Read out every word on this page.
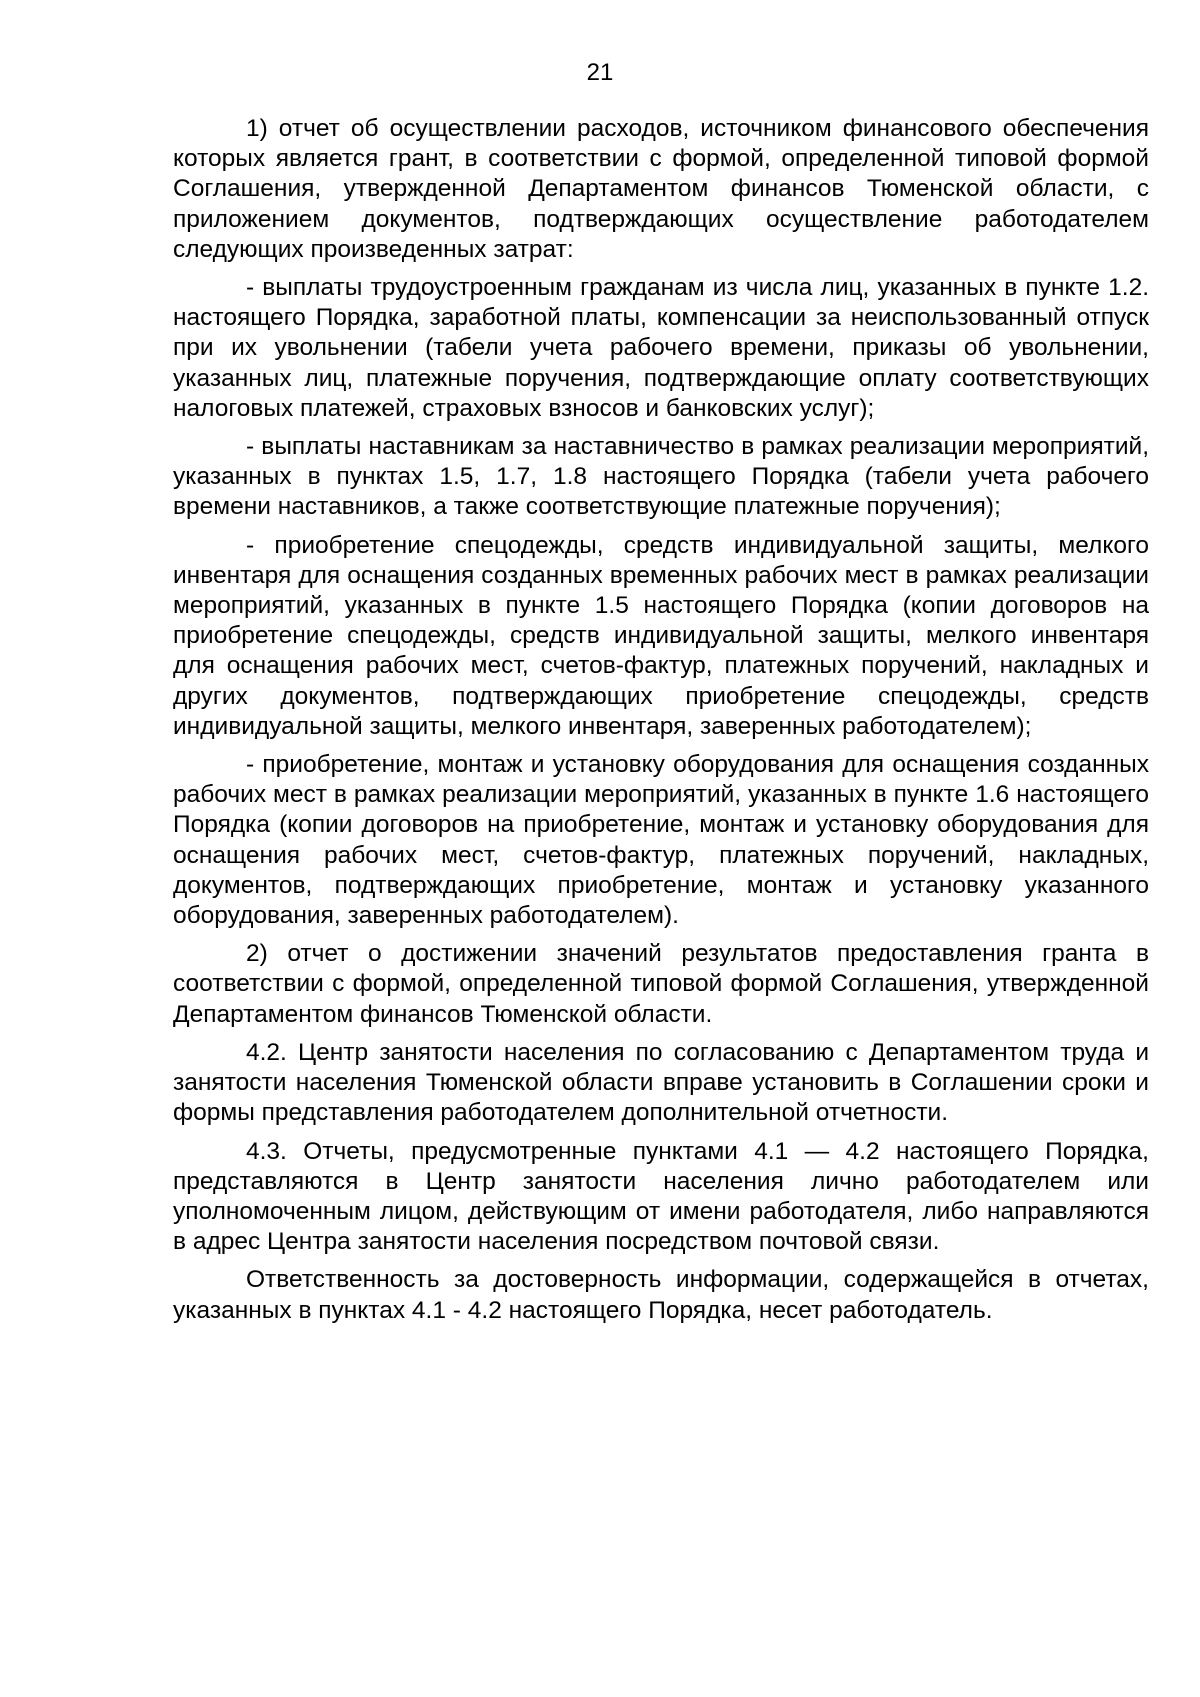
21

1) отчет об осуществлении расходов, источником финансового обеспечения которых является грант, в соответствии с формой, определенной типовой формой Соглашения, утвержденной Департаментом финансов Тюменской области, с приложением документов, подтверждающих осуществление работодателем следующих произведенных затрат:

- выплаты трудоустроенным гражданам из числа лиц, указанных в пункте 1.2. настоящего Порядка, заработной платы, компенсации за неиспользованный отпуск при их увольнении (табели учета рабочего времени, приказы об увольнении, указанных лиц, платежные поручения, подтверждающие оплату соответствующих налоговых платежей, страховых взносов и банковских услуг);

- выплаты наставникам за наставничество в рамках реализации мероприятий, указанных в пунктах 1.5, 1.7, 1.8 настоящего Порядка (табели учета рабочего времени наставников, а также соответствующие платежные поручения);

- приобретение спецодежды, средств индивидуальной защиты, мелкого инвентаря для оснащения созданных временных рабочих мест в рамках реализации мероприятий, указанных в пункте 1.5 настоящего Порядка (копии договоров на приобретение спецодежды, средств индивидуальной защиты, мелкого инвентаря для оснащения рабочих мест, счетов-фактур, платежных поручений, накладных и других документов, подтверждающих приобретение спецодежды, средств индивидуальной защиты, мелкого инвентаря, заверенных работодателем);

- приобретение, монтаж и установку оборудования для оснащения созданных рабочих мест в рамках реализации мероприятий, указанных в пункте 1.6 настоящего Порядка (копии договоров на приобретение, монтаж и установку оборудования для оснащения рабочих мест, счетов-фактур, платежных поручений, накладных, документов, подтверждающих приобретение, монтаж и установку указанного оборудования, заверенных работодателем).

2) отчет о достижении значений результатов предоставления гранта в соответствии с формой, определенной типовой формой Соглашения, утвержденной Департаментом финансов Тюменской области.

4.2. Центр занятости населения по согласованию с Департаментом труда и занятости населения Тюменской области вправе установить в Соглашении сроки и формы представления работодателем дополнительной отчетности.

4.3. Отчеты, предусмотренные пунктами 4.1 — 4.2 настоящего Порядка, представляются в Центр занятости населения лично работодателем или уполномоченным лицом, действующим от имени работодателя, либо направляются в адрес Центра занятости населения посредством почтовой связи.

Ответственность за достоверность информации, содержащейся в отчетах, указанных в пунктах 4.1 - 4.2 настоящего Порядка, несет работодатель.
